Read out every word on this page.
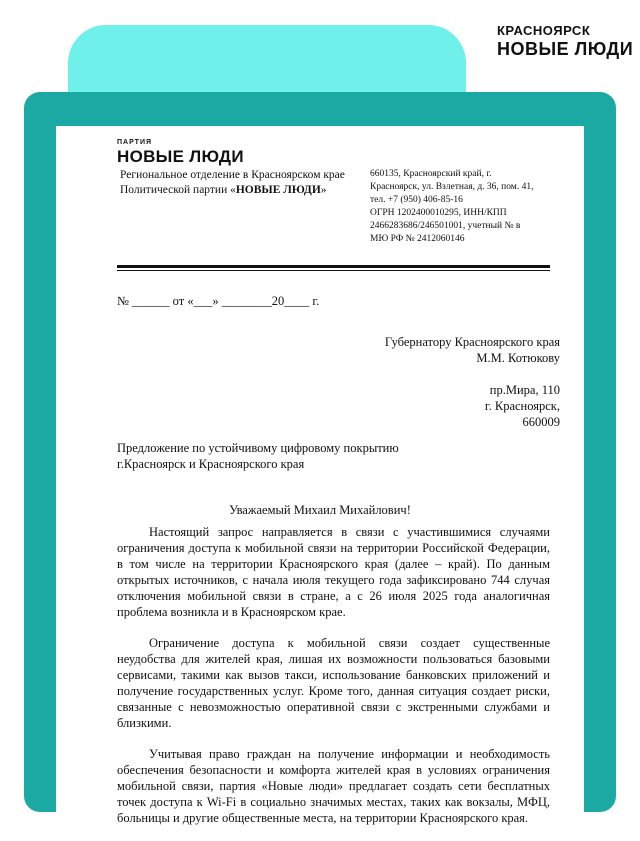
КРАСНОЯРСК
НОВЫЕ ЛЮДИ
ПАРТИЯ
НОВЫЕ ЛЮДИ
Региональное отделение в Красноярском крае
Политической партии «НОВЫЕ ЛЮДИ»
660135, Красноярский край, г.
Красноярск, ул. Взлетная, д. 36, пом. 41,
тел. +7 (950) 406-85-16
ОГРН 1202400010295, ИНН/КПП
2466283686/246501001, учетный № в
МЮ РФ № 2412060146
№ ______ от «___» ________20____ г.
Губернатору Красноярского края
М.М. Котюкову
пр.Мира, 110
г. Красноярск,
660009
Предложение по устойчивому цифровому покрытию г.Красноярск и Красноярского края
Уважаемый Михаил Михайлович!

Настоящий запрос направляется в связи с участившимися случаями ограничения доступа к мобильной связи на территории Российской Федерации, в том числе на территории Красноярского края (далее – край). По данным открытых источников, с начала июля текущего года зафиксировано 744 случая отключения мобильной связи в стране, а с 26 июля 2025 года аналогичная проблема возникла и в Красноярском крае.

Ограничение доступа к мобильной связи создает существенные неудобства для жителей края, лишая их возможности пользоваться базовыми сервисами, такими как вызов такси, использование банковских приложений и получение государственных услуг. Кроме того, данная ситуация создает риски, связанные с невозможностью оперативной связи с экстренными службами и близкими.

Учитывая право граждан на получение информации и необходимость обеспечения безопасности и комфорта жителей края в условиях ограничения мобильной связи, партия «Новые люди» предлагает создать сети бесплатных точек доступа к Wi-Fi в социально значимых местах, таких как вокзалы, МФЦ, больницы и другие общественные места, на территории Красноярского края.
